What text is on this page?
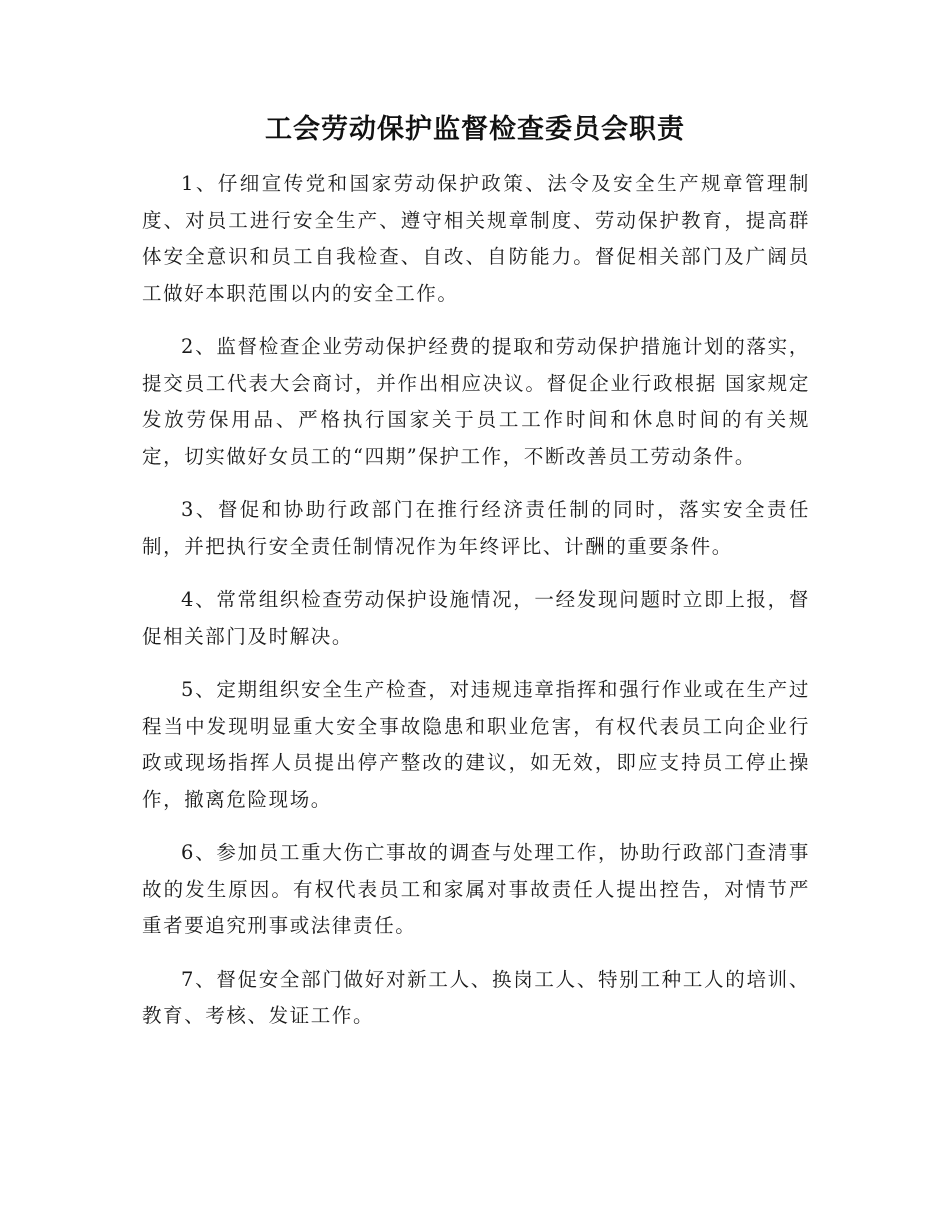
工会劳动保护监督检查委员会职责

1、仔细宣传党和国家劳动保护政策、法令及安全生产规章管理制度、对员工进行安全生产、遵守相关规章制度、劳动保护教育，提高群体安全意识和员工自我检查、自改、自防能力。督促相关部门及广阔员工做好本职范围以内的安全工作。

2、监督检查企业劳动保护经费的提取和劳动保护措施计划的落实，提交员工代表大会商讨，并作出相应决议。督促企业行政根据 国家规定发放劳保用品、严格执行国家关于员工工作时间和休息时间的有关规定，切实做好女员工的“四期”保护工作，不断改善员工劳动条件。

3、督促和协助行政部门在推行经济责任制的同时，落实安全责任制，并把执行安全责任制情况作为年终评比、计酬的重要条件。

4、常常组织检查劳动保护设施情况，一经发现问题时立即上报，督促相关部门及时解决。

5、定期组织安全生产检查，对违规违章指挥和强行作业或在生产过程当中发现明显重大安全事故隐患和职业危害，有权代表员工向企业行政或现场指挥人员提出停产整改的建议，如无效，即应支持员工停止操作，撤离危险现场。

6、参加员工重大伤亡事故的调查与处理工作，协助行政部门查清事故的发生原因。有权代表员工和家属对事故责任人提出控告，对情节严重者要追究刑事或法律责任。

7、督促安全部门做好对新工人、换岗工人、特别工种工人的培训、教育、考核、发证工作。
